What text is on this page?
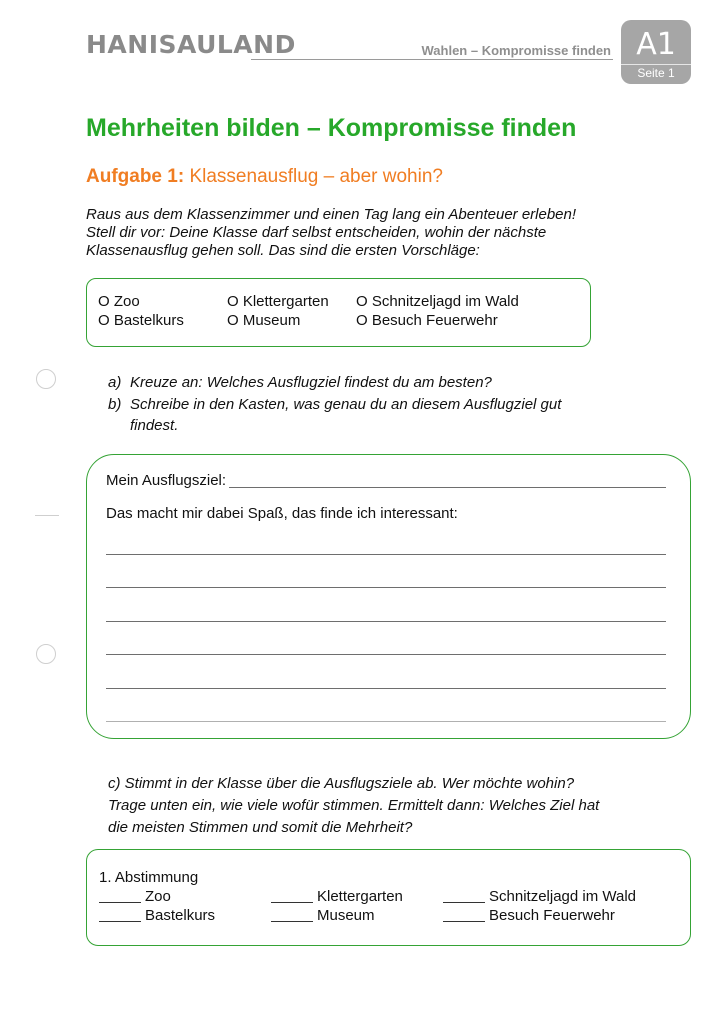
HANISAULAND	Wahlen – Kompromisse finden A1
Seite 1
Mehrheiten bilden – Kompromisse finden
Aufgabe 1: Klassenausflug – aber wohin?
Raus aus dem Klassenzimmer und einen Tag lang ein Abenteuer erleben!
Stell dir vor: Deine Klasse darf selbst entscheiden, wohin der nächste
Klassenausflug gehen soll. Das sind die ersten Vorschläge:
O Zoo	O Klettergarten O Schnitzeljagd im Wald
O Bastelkurs	O Museum	O Besuch Feuerwehr
a) Kreuze an: Welches Ausflugziel findest du am besten?
b) Schreibe in den Kasten, was genau du an diesem Ausflugziel gut
findest.
Mein Ausflugsziel:
Das macht mir dabei Spaß, das finde ich interessant:
c) Stimmt in der Klasse über die Ausflugsziele ab. Wer möchte wohin?
Trage unten ein, wie viele wofür stimmen. Ermittelt dann: Welches Ziel hat
die meisten Stimmen und somit die Mehrheit?
1. Abstimmung
Zoo	Klettergarten	Schnitzeljagd im Wald
Bastelkurs	Museum	Besuch Feuerwehr
